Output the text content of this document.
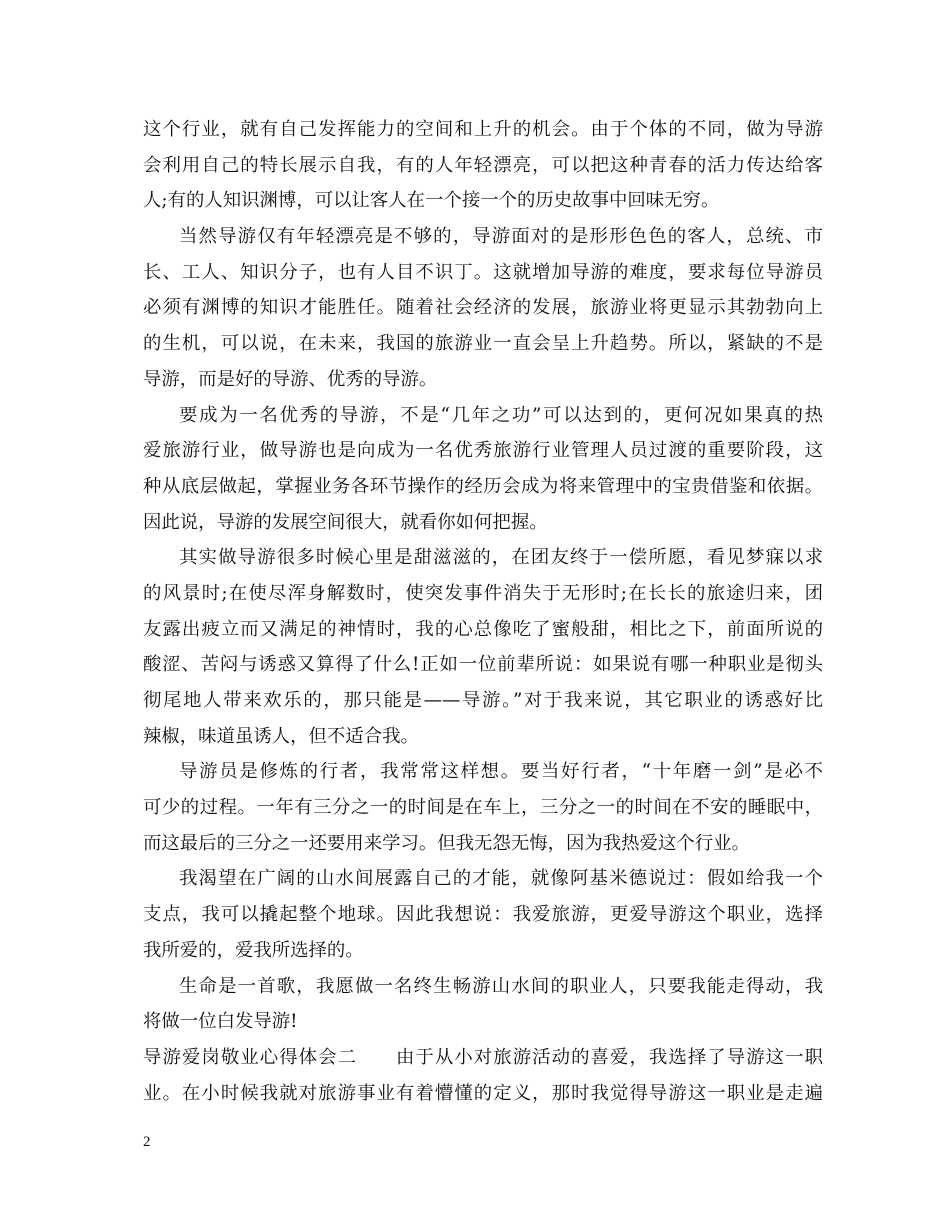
这个行业，就有自己发挥能力的空间和上升的机会。由于个体的不同，做为导游
会利用自己的特长展示自我，有的人年轻漂亮，可以把这种青春的活力传达给客
人;有的人知识渊博，可以让客人在一个接一个的历史故事中回味无穷。
当然导游仅有年轻漂亮是不够的，导游面对的是形形色色的客人，总统、市
长、工人、知识分子，也有人目不识丁。这就增加导游的难度，要求每位导游员
必须有渊博的知识才能胜任。随着社会经济的发展，旅游业将更显示其勃勃向上
的生机，可以说，在未来，我国的旅游业一直会呈上升趋势。所以，紧缺的不是
导游，而是好的导游、优秀的导游。
要成为一名优秀的导游，不是“几年之功”可以达到的，更何况如果真的热
爱旅游行业，做导游也是向成为一名优秀旅游行业管理人员过渡的重要阶段，这
种从底层做起，掌握业务各环节操作的经历会成为将来管理中的宝贵借鉴和依据。
因此说，导游的发展空间很大，就看你如何把握。
其实做导游很多时候心里是甜滋滋的，在团友终于一偿所愿，看见梦寐以求
的风景时;在使尽浑身解数时，使突发事件消失于无形时;在长长的旅途归来，团
友露出疲立而又满足的神情时，我的心总像吃了蜜般甜，相比之下，前面所说的
酸涩、苦闷与诱惑又算得了什么!正如一位前辈所说：如果说有哪一种职业是彻头
彻尾地人带来欢乐的，那只能是——导游。”对于我来说，其它职业的诱惑好比
辣椒，味道虽诱人，但不适合我。
导游员是修炼的行者，我常常这样想。要当好行者，“十年磨一剑”是必不
可少的过程。一年有三分之一的时间是在车上，三分之一的时间在不安的睡眠中，
而这最后的三分之一还要用来学习。但我无怨无悔，因为我热爱这个行业。
我渴望在广阔的山水间展露自己的才能，就像阿基米德说过：假如给我一个
支点，我可以撬起整个地球。因此我想说：我爱旅游，更爱导游这个职业，选择
我所爱的，爱我所选择的。
生命是一首歌，我愿做一名终生畅游山水间的职业人，只要我能走得动，我
将做一位白发导游!
导游爱岗敬业心得体会二　　由于从小对旅游活动的喜爱，我选择了导游这一职
业。在小时候我就对旅游事业有着懵懂的定义，那时我觉得导游这一职业是走遍
2
